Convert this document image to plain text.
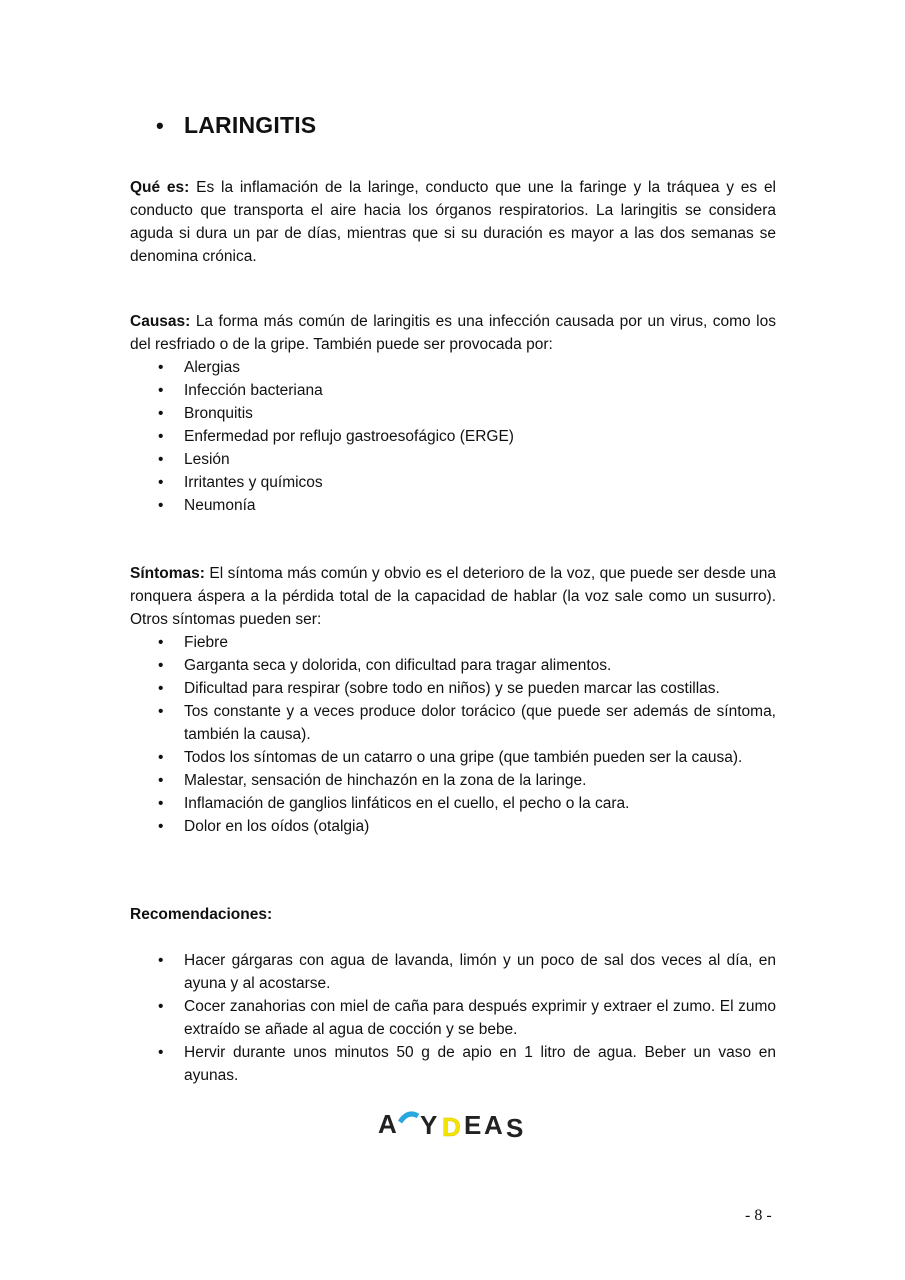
• LARINGITIS

Qué es: Es la inflamación de la laringe, conducto que une la faringe y la tráquea y es el conducto que transporta el aire hacia los órganos respiratorios. La laringitis se considera aguda si dura un par de días, mientras que si su duración es mayor a las dos semanas se denomina crónica.

Causas: La forma más común de laringitis es una infección causada por un virus, como los del resfriado o de la gripe. También puede ser provocada por:

• Alergias
• Infección bacteriana
• Bronquitis
• Enfermedad por reflujo gastroesofágico (ERGE)
• Lesión
• Irritantes y químicos
• Neumonía

Síntomas: El síntoma más común y obvio es el deterioro de la voz, que puede ser desde una ronquera áspera a la pérdida total de la capacidad de hablar (la voz sale como un susurro). Otros síntomas pueden ser:

• Fiebre
• Garganta seca y dolorida, con dificultad para tragar alimentos.
• Dificultad para respirar (sobre todo en niños) y se pueden marcar las costillas.
• Tos constante y a veces produce dolor torácico (que puede ser además de síntoma, también la causa).
• Todos los síntomas de un catarro o una gripe (que también pueden ser la causa).
• Malestar, sensación de hinchazón en la zona de la laringe.
• Inflamación de ganglios linfáticos en el cuello, el pecho o la cara.
• Dolor en los oídos (otalgia)

Recomendaciones:

• Hacer gárgaras con agua de lavanda, limón y un poco de sal dos veces al día, en ayuna y al acostarse.
• Cocer zanahorias con miel de caña para después exprimir y extraer el zumo. El zumo extraído se añade al agua de cocción y se bebe.
• Hervir durante unos minutos 50 g de apio en 1 litro de agua. Beber un vaso en ayunas.
A Y D E A S
- 8 -
